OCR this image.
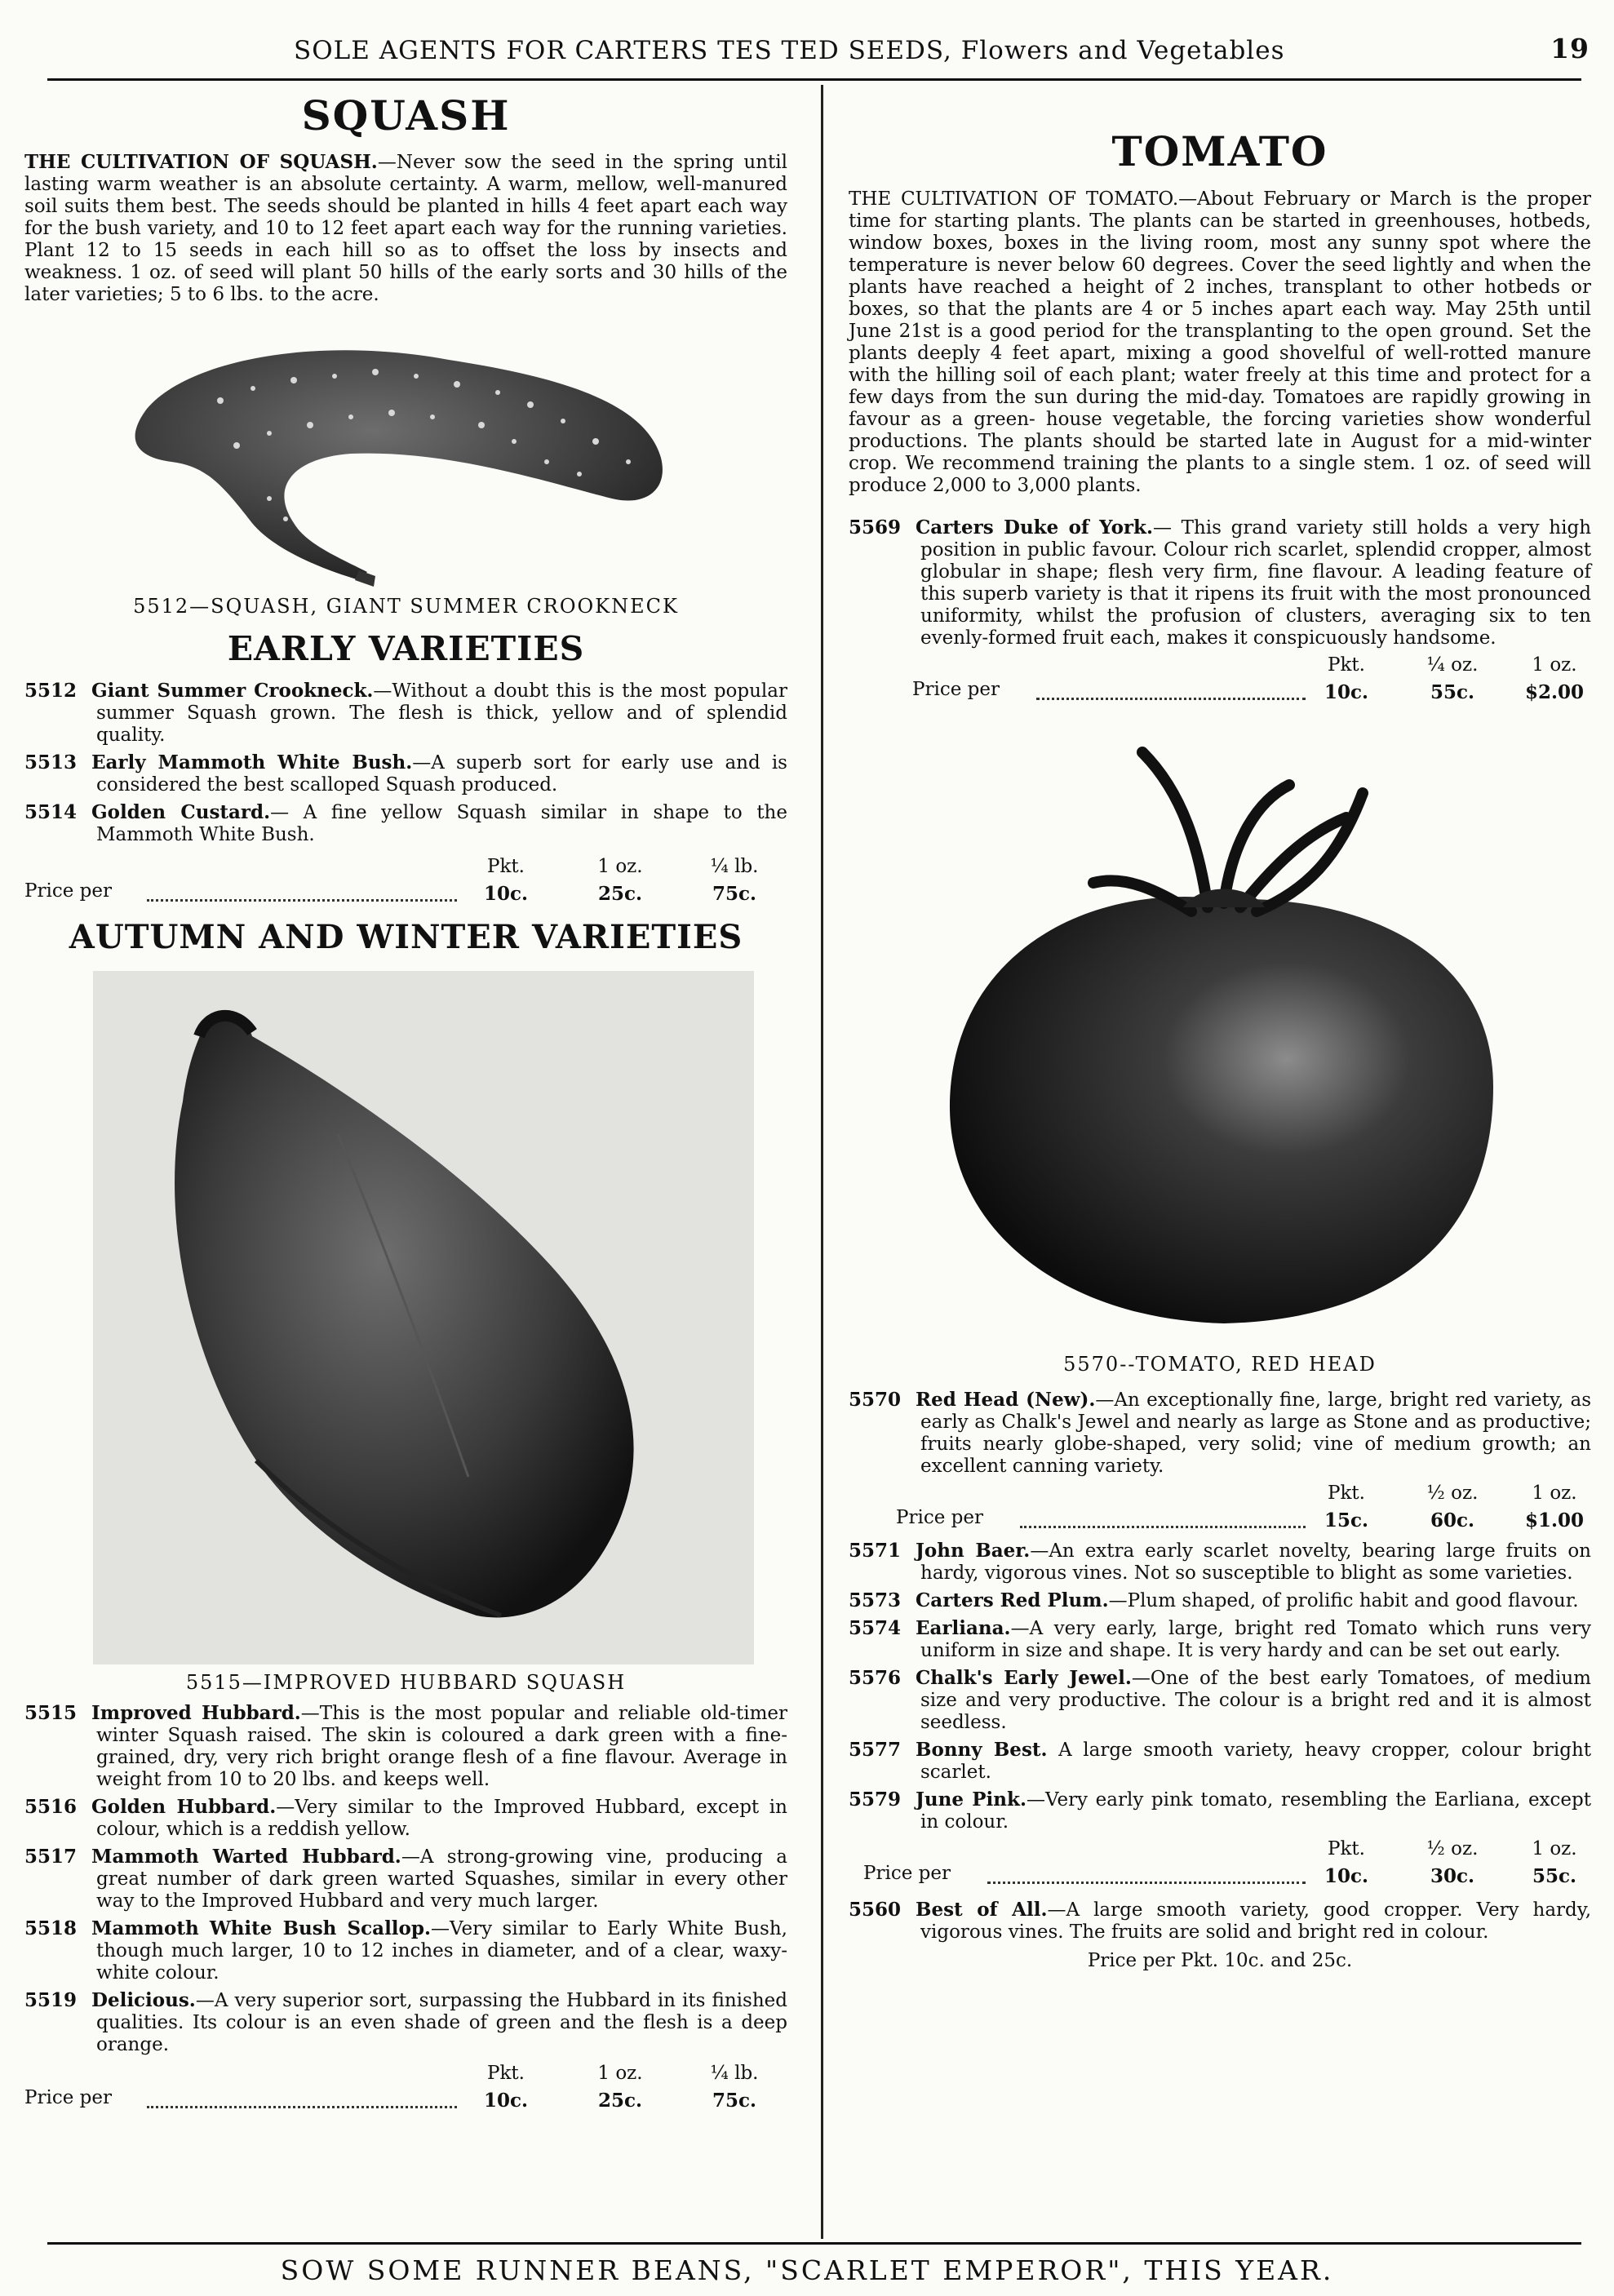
SOLE AGENTS FOR CARTERS TES TED SEEDS, Flowers and Vegetables	19
SQUASH

THE CULTIVATION OF SQUASH.—Never sow the seed in the spring until lasting warm weather is an absolute certainty. A warm, mellow, well-manured soil suits them best. The seeds should be planted in hills 4 feet apart each way for the bush variety, and 10 to 12 feet apart each way for the running varieties. Plant 12 to 15 seeds in each hill so as to offset the loss by insects and weakness. 1 oz. of seed will plant 50 hills of the early sorts and 30 hills of the later varieties; 5 to 6 lbs. to the acre.

5512—SQUASH, GIANT SUMMER CROOKNECK

EARLY VARIETIES

5512 Giant Summer Crookneck.—Without a doubt this is the most popular summer Squash grown. The flesh is thick, yellow and of splendid quality.

5513 Early Mammoth White Bush.—A superb sort for early use and is considered the best scalloped Squash produced.

5514 Golden Custard.— A fine yellow Squash similar in shape to the Mammoth White Bush.

Price per
Pkt.
10c.
1 oz.
25c.
¼ lb.
75c.
AUTUMN AND WINTER VARIETIES

5515—IMPROVED HUBBARD SQUASH

5515 Improved Hubbard.—This is the most popular and reliable old-timer winter Squash raised. The skin is coloured a dark green with a fine-grained, dry, very rich bright orange flesh of a fine flavour. Average in weight from 10 to 20 lbs. and keeps well.

5516 Golden Hubbard.—Very similar to the Improved Hubbard, except in colour, which is a reddish yellow.

5517 Mammoth Warted Hubbard.—A strong-growing vine, producing a great number of dark green warted Squashes, similar in every other way to the Improved Hubbard and very much larger.

5518 Mammoth White Bush Scallop.—Very similar to Early White Bush, though much larger, 10 to 12 inches in diameter, and of a clear, waxy-white colour.

5519 Delicious.—A very superior sort, surpassing the Hubbard in its finished qualities. Its colour is an even shade of green and the flesh is a deep orange.

Price per
Pkt.
10c.
1 oz.
25c.
¼ lb.
75c.
TOMATO

THE CULTIVATION OF TOMATO.—About February or March is the proper time for starting plants. The plants can be started in greenhouses, hotbeds, window boxes, boxes in the living room, most any sunny spot where the temperature is never below 60 degrees. Cover the seed lightly and when the plants have reached a height of 2 inches, transplant to other hotbeds or boxes, so that the plants are 4 or 5 inches apart each way. May 25th until June 21st is a good period for the transplanting to the open ground. Set the plants deeply 4 feet apart, mixing a good shovelful of well-rotted manure with the hilling soil of each plant; water freely at this time and protect for a few days from the sun during the mid-day. Tomatoes are rapidly growing in favour as a green- house vegetable, the forcing varieties show wonderful productions. The plants should be started late in August for a mid-winter crop. We recommend training the plants to a single stem. 1 oz. of seed will produce 2,000 to 3,000 plants.

5569 Carters Duke of York.— This grand variety still holds a very high position in public favour. Colour rich scarlet, splendid cropper, almost globular in shape; flesh very firm, fine flavour. A leading feature of this superb variety is that it ripens its fruit with the most pronounced uniformity, whilst the profusion of clusters, averaging six to ten evenly-formed fruit each, makes it conspicuously handsome.

Price per
Pkt.
10c.
¼ oz.
55c.
1 oz.
$2.00

5570--TOMATO, RED HEAD

5570 Red Head (New).—An exceptionally fine, large, bright red variety, as early as Chalk's Jewel and nearly as large as Stone and as productive; fruits nearly globe-shaped, very solid; vine of medium growth; an excellent canning variety.

Price per
Pkt.
15c.
½ oz.
60c.
1 oz.
$1.00

5571 John Baer.—An extra early scarlet novelty, bearing large fruits on hardy, vigorous vines. Not so susceptible to blight as some varieties.

5573 Carters Red Plum.—Plum shaped, of prolific habit and good flavour.

5574 Earliana.—A very early, large, bright red Tomato which runs very uniform in size and shape. It is very hardy and can be set out early.

5576 Chalk's Early Jewel.—One of the best early Tomatoes, of medium size and very productive. The colour is a bright red and it is almost seedless.

5577 Bonny Best. A large smooth variety, heavy cropper, colour bright scarlet.

5579 June Pink.—Very early pink tomato, resembling the Earliana, except in colour.

Price per
Pkt.
10c.
½ oz.
30c.
1 oz.
55c.

5560 Best of All.—A large smooth variety, good cropper. Very hardy, vigorous vines. The fruits are solid and bright red in colour.

Price per Pkt. 10c. and 25c.

SOW SOME RUNNER BEANS, "SCARLET EMPEROR", THIS YEAR.
